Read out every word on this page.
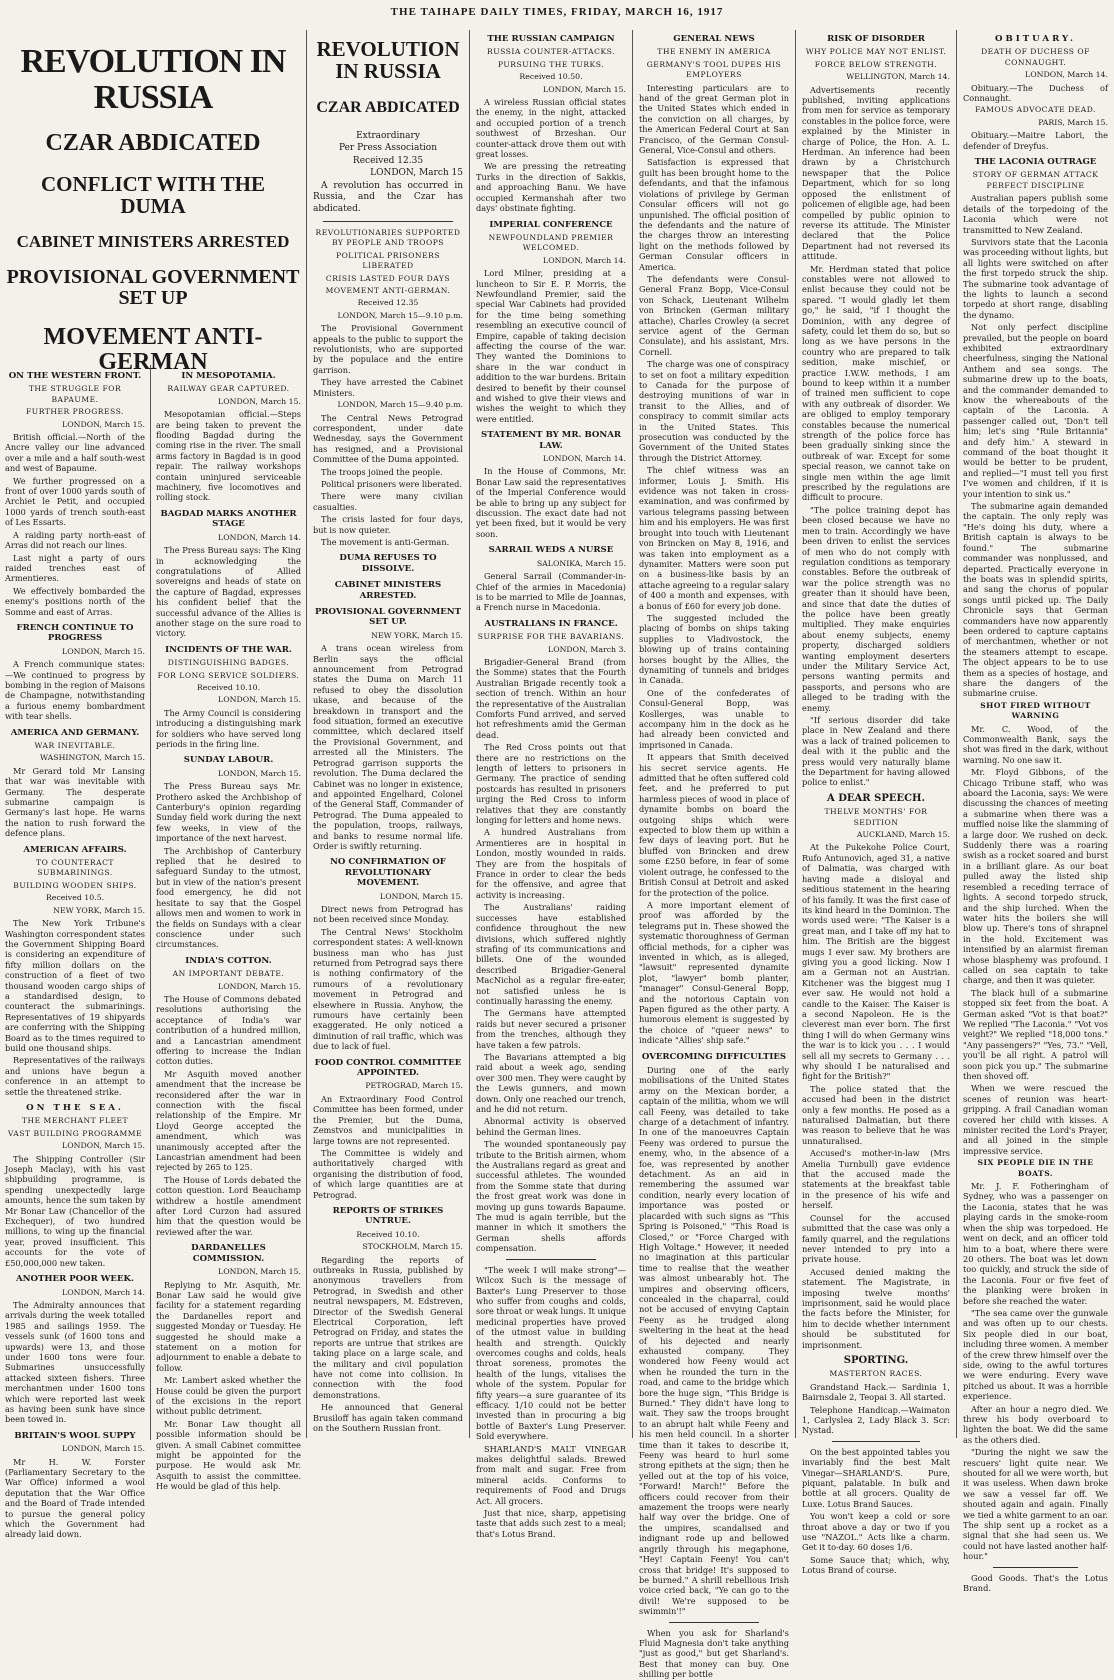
THE TAIHAPE DAILY TIMES, FRIDAY, MARCH 16, 1917
REVOLUTION IN RUSSIA
CZAR ABDICATED
CONFLICT WITH THE DUMA
CABINET MINISTERS ARRESTED
PROVISIONAL GOVERNMENT SET UP
MOVEMENT ANTI-GERMAN
ON THE WESTERN FRONT.
THE STRUGGLE FOR BAPAUME.
FURTHER PROGRESS.
LONDON, March 15.

British official.—North of the Ancre valley our line advanced over a mile and a half south-west and west of Bapaume.

We further progressed on a front of over 1000 yards south of Archiet le Petit, and occupied 1000 yards of trench south-east of Les Essarts.

A raiding party north-east of Arras did not reach our lines.

Last night a party of ours raided trenches east of Armentieres.

We effectively bombarded the enemy's positions north of the Somme and east of Arras.

FRENCH CONTINUE TO PROGRESS
LONDON, March 15.

A French communique states:—We continued to progress by bombing in the region of Maisons de Champagne, notwithstanding a furious enemy bombardment with tear shells.

AMERICA AND GERMANY.
WAR INEVITABLE.
WASHINGTON, March 15.

Mr Gerard told Mr Lansing that war was inevitable with Germany. The desperate submarine campaign is Germany's last hope. He warns the nation to rush forward the defence plans.

AMERICAN AFFAIRS.
TO COUNTERACT SUBMARININGS.
BUILDING WOODEN SHIPS.
Received 10.5.
NEW YORK, March 15.

The New York Tribune's Washington correspondent states the Government Shipping Board is considering an expenditure of fifty million dollars on the construction of a fleet of two thousand wooden cargo ships of a standardised design, to counteract the submarinings. Representatives of 19 shipyards are conferring with the Shipping Board as to the times required to build one thousand ships.

Representatives of the railways and unions have begun a conference in an attempt to settle the threatened strike.

ON THE SEA.
THE MERCHANT FLEET
VAST BUILDING PROGRAMME
LONDON, March 15.

The Shipping Controller (Sir Joseph Maclay), with his vast shipbuilding programme, is spending unexpectedly large amounts, hence the sum taken by Mr Bonar Law (Chancellor of the Exchequer), of two hundred millions, to wing up the financial year, proved insufficient. This accounts for the vote of £50,000,000 new taken.

ANOTHER POOR WEEK.
LONDON, March 14.

The Admiralty announces that arrivals during the week totalled 1985 and sailings 1959. The vessels sunk (of 1600 tons and upwards) were 13, and those under 1600 tons were four. Submarines unsuccessfully attacked sixteen fishers. Three merchantmen under 1600 tons which were reported last week as having been sunk have since been towed in.

BRITAIN'S WOOL SUPPY
LONDON, March 15.

Mr H. W. Forster (Parliamentary Secretary to the War Office) informed a wool deputation that the War Office and the Board of Trade intended to pursue the general policy which the Government had already laid down.

IN MESOPOTAMIA.
RAILWAY GEAR CAPTURED.
LONDON, March 15.

Mesopotamian official.—Steps are being taken to prevent the flooding Bagdad during the coming rise in the river. The small arms factory in Bagdad is in good repair. The railway workshops contain uninjured serviceable machinery, five locomotives and rolling stock.

BAGDAD MARKS ANOTHER STAGE
LONDON, March 14.

The Press Bureau says: The King in acknowledging the congratulations of Allied sovereigns and heads of state on the capture of Bagdad, expresses his confident belief that the successful advance of the Allies is another stage on the sure road to victory.

INCIDENTS OF THE WAR.
DISTINGUISHING BADGES.
FOR LONG SERVICE SOLDIERS.
Received 10.10.
LONDON, March 15.

The Army Council is considering introducing a distinguishing mark for soldiers who have served long periods in the firing line.

SUNDAY LABOUR.
LONDON, March 15.

The Press Bureau says Mr. Prothero asked the Archbishop of Canterbury's opinion regarding Sunday field work during the next few weeks, in view of the importance of the next harvest.

The Archbishop of Canterbury replied that he desired to safeguard Sunday to the utmost, but in view of the nation's present food emergency, he did not hesitate to say that the Gospel allows men and women to work in the fields on Sundays with a clear conscience under such circumstances.

INDIA'S COTTON.
AN IMPORTANT DEBATE.
LONDON, March 15.

The House of Commons debated resolutions authorising the acceptance of India's war contribution of a hundred million, and a Lancastrian amendment offering to increase the Indian cotton duties.

Mr Asquith moved another amendment that the increase be reconsidered after the war in connection with the fiscal relationship of the Empire. Mr Lloyd George accepted the amendment, which was unanimously accepted after the Lancastrian amendment had been rejected by 265 to 125.

The House of Lords debated the cotton question. Lord Beauchamp withdrew a hostile amendment after Lord Curzon had assured him that the question would be reviewed after the war.

DARDANELLES COMMISSION.
LONDON, March 15.

Replying to Mr. Asquith, Mr. Bonar Law said he would give facility for a statement regarding the Dardanelles report and suggested Monday or Tuesday. He suggested he should make a statement on a motion for adjournment to enable a debate to follow.

Mr. Lambert asked whether the House could be given the purport of the excisions in the report without public detriment.

Mr. Bonar Law thought all possible information should be given. A small Cabinet committee might be appointed for the purpose. He would ask Mr. Asquith to assist the committee. He would be glad of this help.

REVOLUTION IN RUSSIA
CZAR ABDICATED
Extraordinary
Per Press Association
Received 12.35
LONDON, March 15

A revolution has occurred in Russia, and the Czar has abdicated.

REVOLUTIONARIES SUPPORTED BY PEOPLE AND TROOPS
POLITICAL PRISONERS LIBERATED
CRISIS LASTED FOUR DAYS
MOVEMENT ANTI-GERMAN.
Received 12.35
LONDON, March 15—9.10 p.m.

The Provisional Government appeals to the public to support the revolutionists, who are supported by the populace and the entire garrison.

They have arrested the Cabinet Ministers.

LONDON, March 15—9.40 p.m.

The Central News Petrograd correspondent, under date Wednesday, says the Government has resigned, and a Provisional Committee of the Duma appointed.

The troops joined the people.

Political prisoners were liberated.

There were many civilian casualties.

The crisis lasted for four days, but is now quieter.

The movement is anti-German.

DUMA REFUSES TO DISSOLVE.
CABINET MINISTERS ARRESTED.
PROVISIONAL GOVERNMENT SET UP.
NEW YORK, March 15.

A trans ocean wireless from Berlin says the official announcement from Petrograd states the Duma on March 11 refused to obey the dissolution ukase, and because of the breakdown in transport and the food situation, formed an executive committee, which declared itself the Provisional Government, and arrested all the Ministers. The Petrograd garrison supports the revolution. The Duma declared the Cabinet was no longer in existence, and appointed Engelhard, Colonel of the General Staff, Commander of Petrograd. The Duma appealed to the population, troops, railways, and banks to resume normal life. Order is swiftly returning.

NO CONFIRMATION OF REVOLUTIONARY MOVEMENT.
LONDON, March 15.

Direct news from Petrograd has not been received since Monday.

The Central News' Stockholm correspondent states: A well-known business man who has just returned from Petrograd says there is nothing confirmatory of the rumours of a revolutionary movement in Petrograd and elsewhere in Russia. Anyhow, the rumours have certainly been exaggerated. He only noticed a diminution of rail traffic, which was due to lack of fuel.

FOOD CONTROL COMMITTEE APPOINTED.
PETROGRAD, March 15.

An Extraordinary Food Control Committee has been formed, under the Premier, but the Duma, Zemstvos and municipalities in large towns are not represented.

The Committee is widely and authoritatively charged with organising the distribution of food, of which large quantities are at Petrograd.

REPORTS OF STRIKES UNTRUE.
Received 10.10.
STOCKHOLM, March 15.

Regarding the reports of outbreaks in Russia, published by anonymous travellers from Petrograd, in Swedish and other neutral newspapers, M. Edstreven, Director of the Swedish General Electrical Corporation, left Petrograd on Friday, and states the reports are untrue that strikes are taking place on a large scale, and the military and civil population have not come into collision. In connection with the food demonstrations.

He announced that General Brusiloff has again taken command on the Southern Russian front.

THE RUSSIAN CAMPAIGN
RUSSIA COUNTER-ATTACKS.
PURSUING THE TURKS.
Received 10.50.
LONDON, March 15.

A wireless Russian official states the enemy, in the night, attacked and occupied portion of a trench southwest of Brzeshan. Our counter-attack drove them out with great losses.

We are pressing the retreating Turks in the direction of Sakkis, and approaching Banu. We have occupied Kermanshah after two days' obstinate fighting.

IMPERIAL CONFERENCE
NEWFOUNDLAND PREMIER WELCOMED.
LONDON, March 14.

Lord Milner, presiding at a luncheon to Sir E. P. Morris, the Newfoundland Premier, said the special War Cabinets had provided for the time being something resembling an executive council of Empire, capable of taking decision affecting the course of the war. They wanted the Dominions to share in the war conduct in addition to the war burdens. Britain desired to benefit by their counsel and wished to give their views and wishes the weight to which they were entitled.

STATEMENT BY MR. BONAR LAW.
LONDON, March 14.

In the House of Commons, Mr. Bonar Law said the representatives of the Imperial Conference would be able to bring up any subject for discussion. The exact date had not yet been fixed, but it would be very soon.

SARRAIL WEDS A NURSE
SALONIKA, March 15.

General Sarrail (Commander-in-Chief of the armies in Macedonia) is to be married to Mlle de Joannas, a French nurse in Macedonia.

AUSTRALIANS IN FRANCE.
SURPRISE FOR THE BAVARIANS.
LONDON, March 3.

Brigadier-General Brand (from the Somme) states that the Fourth Australian Brigade recently took a section of trench. Within an hour the representative of the Australian Comforts Fund arrived, and served hot refreshments amid the German dead.

The Red Cross points out that there are no restrictions on the length of letters to prisoners in Germany. The practice of sending postcards has resulted in prisoners urging the Red Cross to inform relatives that they are constantly longing for letters and home news.

A hundred Australians from Armentieres are in hospital in London, mostly wounded in raids. They are from the hospitals of France in order to clear the beds for the offensive, and agree that activity is increasing.

The Australians' raiding successes have established confidence throughout the new divisions, which suffered nightly strafing of its communications and billets. One of the wounded described Brigadier-General MacNichol as a regular fire-eater, not satisfied unless he is continually harassing the enemy.

The Germans have attempted raids but never secured a prisoner from the trenches, although they have taken a few patrols.

The Bavarians attempted a big raid about a week ago, sending over 300 men. They were caught by the Lewis gunners, and mown down. Only one reached our trench, and he did not return.

Abnormal activity is observed behind the German lines.

The wounded spontaneously pay tribute to the British airmen, whom the Australians regard as great and successful athletes. The wounded from the Somme state that during the frost great work was done in moving up guns towards Bapaume. The mud is again terrible, but the manner in which it smothers the German shells affords compensation.

"The week I will make strong"—Wilcox Such is the message of Baxter's Lung Preserver to those who suffer from coughs and colds, sore throat or weak lungs. It unique medicinal properties have proved of the utmost value in building health and strength. Quickly overcomes coughs and colds, heals throat soreness, promotes the health of the lungs, vitalises the whole of the system. Popular for fifty years—a sure guarantee of its efficacy. 1/10 could not be better invested than in procuring a big bottle of Baxter's Lung Preserver. Sold everywhere.

SHARLAND'S MALT VINEGAR makes delightful salads. Brewed from malt and sugar. Free from mineral acids. Conforms to requirements of Food and Drugs Act. All grocers.

Just that nice, sharp, appetising taste that adds such zest to a meal; that's Lotus Brand.

GENERAL NEWS
THE ENEMY IN AMERICA
GERMANY'S TOOL DUPES HIS EMPLOYERS

Interesting particulars are to hand of the great German plot in the United States which ended in the conviction on all charges, by the American Federal Court at San Francisco, of the German Consul-General, Vice-Consul and others.

Satisfaction is expressed that guilt has been brought home to the defendants, and that the infamous violations of privilege by German Consular officers will not go unpunished. The official position of the defendants and the nature of the charges throw an interesting light on the methods followed by German Consular officers in America.

The defendants were Consul-General Franz Bopp, Vice-Consul von Schack, Lieutenant Wilhelm von Brincken (German military attache), Charles Crowley (a secret service agent of the German Consulate), and his assistant, Mrs. Cornell.

The charge was one of conspiracy to set on foot a military expedition to Canada for the purpose of destroying munitions of war in transit to the Allies, and of conspiracy to commit similar acts in the United States. This prosecution was conducted by the Government of the United States through the District Attorney.

The chief witness was an informer, Louis J. Smith. His evidence was not taken in cross-examination, and was confirmed by various telegrams passing between him and his employers. He was first brought into touch with Lieutenant von Brincken on May 8, 1916, and was taken into employment as a dynamiter. Matters were soon put on a business-like basis by an attache agreeing to a regular salary of 400 a month and expenses, with a bonus of £60 for every job done.

The suggested included the placing of bombs on ships taking supplies to Vladivostock, the blowing up of trains containing horses bought by the Allies, the dynamiting of tunnels and bridges in Canada.

One of the confederates of Consul-General Bopp, was Kosllerges, was unable to accompany him in the dock as he had already been convicted and imprisoned in Canada.

It appears that Smith deceived his secret service agents. He admitted that he often suffered cold feet, and he preferred to put harmless pieces of wood in place of dynamite bombs on board the outgoing ships which were expected to blow them up within a few days of leaving port. But he bluffed von Brincken and drew some £250 before, in fear of some violent outrage, he confessed to the British Consul at Detroit and asked for the protection of the police.

A more important element of proof was afforded by the telegrams put in. These showed the systematic thoroughness of German official methods, for a cipher was invented in which, as is alleged, "lawsuit" represented dynamite plot, "lawyer" bomb planter, "manager" Consul-General Bopp, and the notorious Captain von Papen figured as the other party. A humorous element is suggested by the choice of "queer news" to indicate "Allies' ship safe."

OVERCOMING DIFFICULTIES

During one of the early mobilisations of the United States army on the Mexican border, a captain of the militia, whom we will call Feeny, was detailed to take charge of a detachment of infantry. In one of the manoeuvres Captain Feeny was ordered to pursue the enemy, who, in the absence of a foe, was represented by another detachment. As an aid in remembering the assumed war condition, nearly every location of importance was posted or placarded with such signs as "This Spring is Poisoned," "This Road is Closed," or "Force Charged with High Voltage." However, it needed no imagination at this particular time to realise that the weather was almost unbearably hot. The umpires and observing officers, concealed in the chaparral, could not be accused of envying Captain Feeny as he trudged along sweltering in the heat at the head of his dejected and nearly exhausted company. They wondered how Feeny would act when he rounded the turn in the road, and came to the bridge which bore the huge sign, "This Bridge is Burned." They didn't have long to wait. They saw the troops brought to an abrupt halt while Feeny and his men held council. In a shorter time than it takes to describe it, Feeny was heard to hurl some strong epithets at the sign; then he yelled out at the top of his voice, "Forward! March!" Before the officers could recover from their amazement the troops were nearly half way over the bridge. One of the umpires, scandalised and indignant rode up and bellowed angrily through his megaphone, "Hey! Captain Feeny! You can't cross that bridge! It's supposed to be burned." A shrill rebellious Irish voice cried back, "Ye can go to the divil! We're supposed to be swimmin'!"

When you ask for Sharland's Fluid Magnesia don't take anything "just as good," but get Sharland's. Best that money can buy. One shilling per bottle

RISK OF DISORDER
WHY POLICE MAY NOT ENLIST.
FORCE BELOW STRENGTH.
WELLINGTON, March 14.

Advertisements recently published, inviting applications from men for service as temporary constables in the police force, were explained by the Minister in charge of Police, the Hon. A. L. Herdman. An inference had been drawn by a Christchurch newspaper that the Police Department, which for so long opposed the enlistment of policemen of eligible age, had been compelled by public opinion to reverse its attitude. The Minister declared that the Police Department had not reversed its attitude.

Mr. Herdman stated that police constables were not allowed to enlist because they could not be spared. "I would gladly let them go," he said, "if I thought the Dominion, with any degree of safety, could let them do so, but so long as we have persons in the country who are prepared to talk sedition, make mischief, or practice I.W.W. methods, I am bound to keep within it a number of trained men sufficient to cope with any outbreak of disorder. We are obliged to employ temporary constables because the numerical strength of the police force has been gradually sinking since the outbreak of war. Except for some special reason, we cannot take on single men within the age limit prescribed by the regulations are difficult to procure.

"The police training depot has been closed because we have no men to train. Accordingly we have been driven to enlist the services of men who do not comply with regulation conditions as temporary constables. Before the outbreak of war the police strength was no greater than it should have been, and since that date the duties of the police have been greatly multiplied. They make enquiries about enemy subjects, enemy property, discharged soldiers wanting employment deserters under the Military Service Act, persons wanting permits and passports, and persons who are alleged to be trading with the enemy.

"If serious disorder did take place in New Zealand and there was a lack of trained policemen to deal with it the public and the press would very naturally blame the Department for having allowed police to enlist."

A DEAR SPEECH.
THELVE MONTHS' FOR SEDITION
AUCKLAND, March 15.

At the Pukekohe Police Court, Rufo Antunovich, aged 31, a native of Dalmatia, was charged with having made a disloyal and seditious statement in the hearing of his family. It was the first case of its kind heard in the Dominion. The words used were: "The Kaiser is a great man, and I take off my hat to him. The British are the biggest mugs I ever saw. My brothers are giving you a good licking. Now I am a German not an Austrian. Kitchener was the biggest mug I ever saw. He would not hold a candle to the Kaiser. The Kaiser is a second Napoleon. He is the cleverest man ever born. The first thing I will do when Germany wins the war is to kick you . . . I would sell all my secrets to Germany . . . why should I be naturalised and fight for the British?"

The police stated that the accused had been in the district only a few months. He posed as a naturalised Dalmatian, but there was reason to believe that he was unnaturalised.

Accused's mother-in-law (Mrs Amelia Turnbull) gave evidence that the accused made the statements at the breakfast table in the presence of his wife and herself.

Counsel for the accused submitted that the case was only a family quarrel, and the regulations never intended to pry into a private house.

Accused denied making the statement. The Magistrate, in imposing twelve months' imprisonment, said he would place the facts before the Minister, for him to decide whether internment should be substituted for imprisonment.

SPORTING.
MASTERTON RACES.

Grandstand Hack.— Sardinia 1, Bairnsdale 2, Teopai 3. All started.

Telephone Handicap.—Waimaton 1, Carlyslea 2, Lady Black 3. Scr: Nystad.

On the best appointed tables you invariably find the best Malt Vinegar—SHARLAND'S. Pure, piquant, palatable. In bulk and bottle at all grocers. Quality de Luxe. Lotus Brand Sauces.

You won't keep a cold or sore throat above a day or two if you use "NAZOL." Acts like a charm. Get it to-day. 60 doses 1/6.

Some Sauce that; which, why, Lotus Brand of course.

OBITUARY.
DEATH OF DUCHESS OF CONNAUGHT.
LONDON, March 14.

Obituary.—The Duchess of Connaught.

FAMOUS ADVOCATE DEAD.
PARIS, March 15.

Obituary.—Maitre Labori, the defender of Dreyfus.

THE LACONIA OUTRAGE
STORY OF GERMAN ATTACK PERFECT DISCIPLINE

Australian papers publish some details of the torpedoing of the Laconia which were not transmitted to New Zealand.

Survivors state that the Laconia was proceeding without lights, but all lights were switched on after the first torpedo struck the ship. The submarine took advantage of the lights to launch a second torpedo at short range, disabling the dynamo.

Not only perfect discipline prevailed, but the people on board exhibited extraordinary cheerfulness, singing the National Anthem and sea songs. The submarine drew up to the boats, and the commander demanded to know the whereabouts of the captain of the Laconia. A passenger called out, 'Don't tell him; let's sing "Rule Britannia" and defy him.' A steward in command of the boat thought it would be better to be prudent, and replied—"I must tell you first I've women and children, if it is your intention to sink us."

The submarine again demanded the captain. The only reply was "He's doing his duty, where a British captain is always to be found." The submarine commander was nonplussed, and departed. Practically everyone in the boats was in splendid spirits, and sang the chorus of popular songs until picked up. The Daily Chronicle says that German commanders have now apparently been ordered to capture captains of merchantmen, whether or not the steamers attempt to escape. The object appears to be to use them as a species of hostage, and share the dangers of the submarine cruise.

SHOT FIRED WITHOUT WARNING

Mr. C. Wood, of the Commonwealth Bank, says the shot was fired in the dark, without warning. No one saw it.

Mr. Floyd Gibbons, of the Chicago Tribune staff, who was aboard the Laconia, says: We were discussing the chances of meeting a submarine when there was a muffled noise like the slamming of a large door. We rushed on deck. Suddenly there was a roaring swish as a rocket soared and burst in a brilliant glare. As our boat pulled away the listed ship resembled a receding terrace of lights. A second torpedo struck, and the ship lurched. When the water hits the boilers she will blow up. There's tons of shrapnel in the hold. Excitement was intensified by an alarmist fireman whose blasphemy was profound. I called on sea captain to take charge, and then it was quieter.

The black hull of a submarine stopped six feet from the boat. A German asked "Vot is that boat?" We replied "The Laconia." "Vot vos veight?" We replied "18,000 tons." "Any passengers?" "Yes, 73." "Vell, you'll be all right. A patrol will soon pick you up." The submarine then shoved off.

When we were rescued the scenes of reunion was heart-gripping. A frail Canadian woman covered her child with kisses. A minister recited the Lord's Prayer, and all joined in the simple impressive service.

SIX PEOPLE DIE IN THE BOATS.

Mr. J. F. Fotheringham of Sydney, who was a passenger on the Laconia, states that he was playing cards in the smoke-room when the ship was torpedoed. He went on deck, and an officer told him to a boat, where there were 20 others. The boat was let down too quickly, and struck the side of the Laconia. Four or five feet of the planking were broken in before she reached the water.

"The sea came over the gunwale and was often up to our chests. Six people died in our boat, including three women. A member of the crew threw himself over the side, owing to the awful tortures we were enduring. Every wave pitched us about. It was a horrible experience.

After an hour a negro died. We threw his body overboard to lighten the boat. We did the same as the others died.

"During the night we saw the rescuers' light quite near. We shouted for all we were worth, but it was useless. When dawn broke we saw a vessel far off. We shouted again and again. Finally we tied a white garment to an oar. The ship sent up a rocket as a signal that she had seen us. We could not have lasted another half-hour."

Good Goods. That's the Lotus Brand.
